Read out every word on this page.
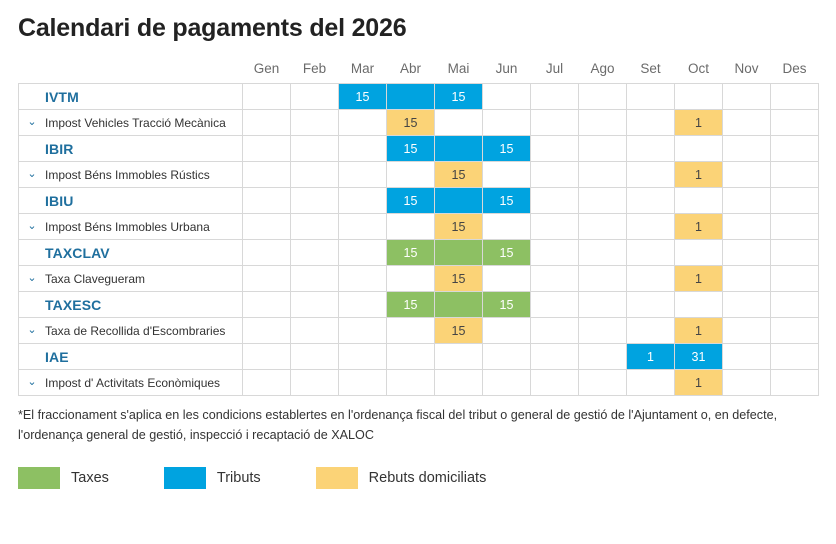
Calendari de pagaments del 2026
	Gen	Feb	Mar	Abr	Mai	Jun	Jul	Ago	Set	Oct	Nov	Des

IVTM			15		15							

⌄ Impost Vehicles Tracció Mecànica				15						1		

IBIR				15		15						

⌄ Impost Béns Immobles Rústics					15					1		

IBIU				15		15						

⌄ Impost Béns Immobles Urbana					15					1		

TAXCLAV				15		15						

⌄ Taxa Clavegueram					15					1		

TAXESC				15		15						

⌄ Taxa de Recollida d'Escombraries					15					1		

IAE									1	31		

⌄ Impost d' Activitats Econòmiques										1		

*El fraccionament s'aplica en les condicions establertes en l'ordenança fiscal del tribut o general de gestió de l'Ajuntament o, en defecte, l'ordenança general de gestió, inspecció i recaptació de XALOC

Taxes	Tributs	Rebuts domiciliats
